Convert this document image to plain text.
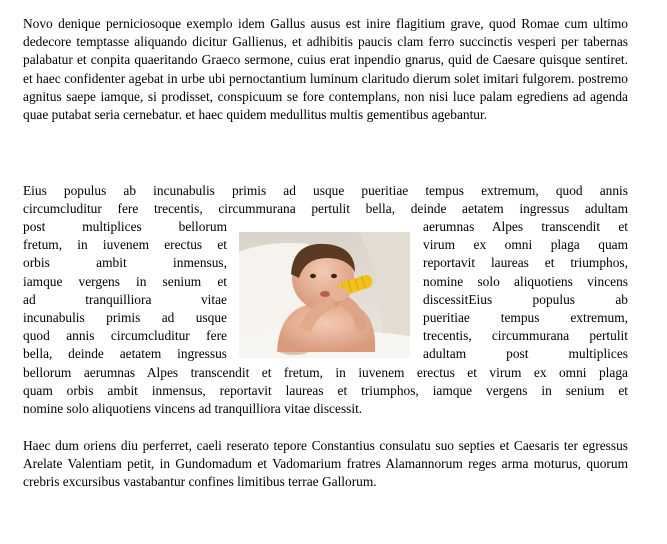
Novo denique perniciosoque exemplo idem Gallus ausus est inire flagitium grave, quod Romae cum ultimo dedecore temptasse aliquando dicitur Gallienus, et adhibitis paucis clam ferro succinctis vesperi per tabernas palabatur et conpita quaeritando Graeco sermone, cuius erat inpendio gnarus, quid de Caesare quisque sentiret. et haec confidenter agebat in urbe ubi pernoctantium luminum claritudo dierum solet imitari fulgorem. postremo agnitus saepe iamque, si prodisset, conspicuum se fore contemplans, non nisi luce palam egrediens ad agenda quae putabat seria cernebatur. et haec quidem medullitus multis gementibus agebantur.

Eius populus ab incunabulis primis ad usque pueritiae tempus extremum, quod annis
circumcluditur fere trecentis, circummurana pertulit bella, deinde aetatem ingressus adultam
post multiplices bellorum
fretum, in iuvenem erectus et
orbis ambit inmensus,
iamque vergens in senium et
ad tranquilliora vitae
incunabulis primis ad usque
quod annis circumcluditur fere
bella, deinde aetatem ingressus
aerumnas Alpes transcendit et
virum ex omni plaga quam
reportavit laureas et triumphos,
nomine solo aliquotiens vincens
discessitEius populus ab
pueritiae tempus extremum,
trecentis, circummurana pertulit
adultam post multiplices
bellorum aerumnas Alpes transcendit et fretum, in iuvenem erectus et virum ex omni plaga
quam orbis ambit inmensus, reportavit laureas et triumphos, iamque vergens in senium et
nomine solo aliquotiens vincens ad tranquilliora vitae discessit.

Haec dum oriens diu perferret, caeli reserato tepore Constantius consulatu suo septies et Caesaris ter egressus Arelate Valentiam petit, in Gundomadum et Vadomarium fratres Alamannorum reges arma moturus, quorum crebris excursibus vastabantur confines limitibus terrae Gallorum.
